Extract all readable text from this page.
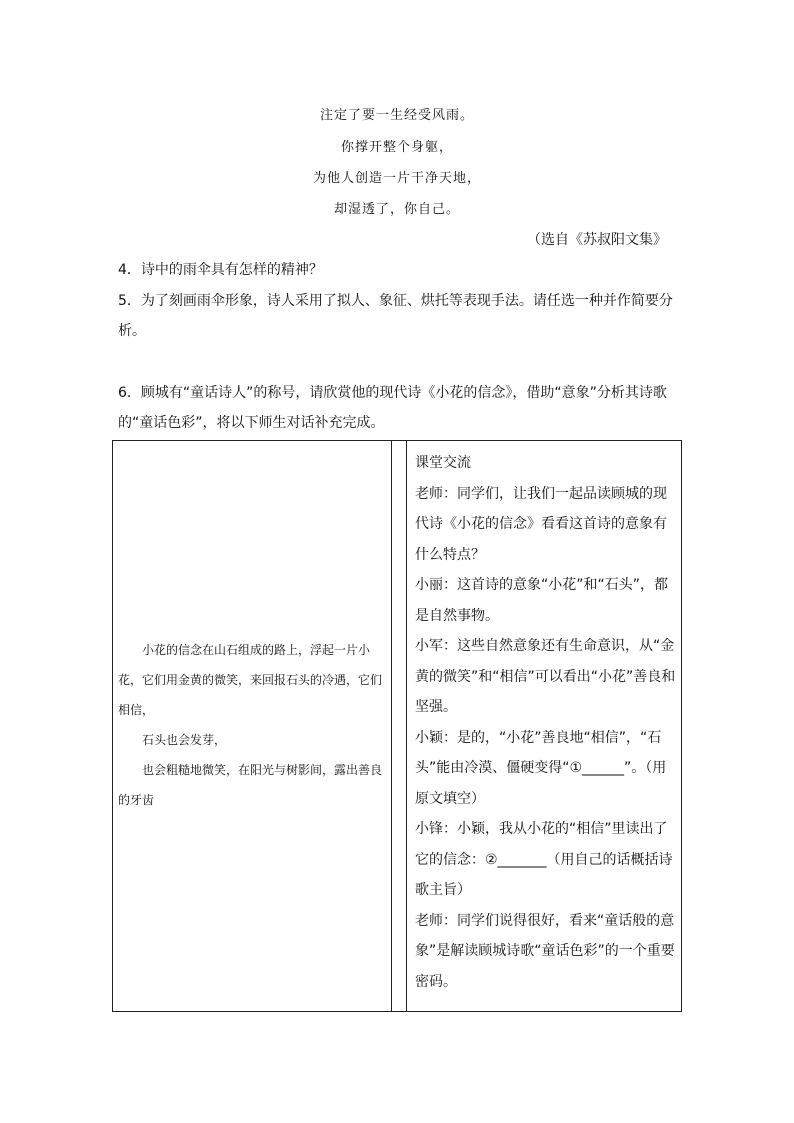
注定了要一生经受风雨。
你撑开整个身躯，
为他人创造一片干净天地，
却湿透了，你自己。
（选自《苏叔阳文集》
4．诗中的雨伞具有怎样的精神？
5．为了刻画雨伞形象，诗人采用了拟人、象征、烘托等表现手法。请任选一种并作简要分析。
6．顾城有“童话诗人”的称号，请欣赏他的现代诗《小花的信念》，借助“意象”分析其诗歌的“童话色彩”，将以下师生对话补充完成。

小花的信念在山石组成的路上，浮起一片小花，它们用金黄的微笑，来回报石头的冷遇，它们相信，

石头也会发芽，

也会粗糙地微笑，在阳光与树影间，露出善良的牙齿

课堂交流

老师：同学们，让我们一起品读顾城的现代诗《小花的信念》看看这首诗的意象有什么特点？

小丽：这首诗的意象“小花”和“石头”，都是自然事物。

小军：这些自然意象还有生命意识，从“金黄的微笑”和“相信”可以看出“小花”善良和坚强。

小颖：是的，“小花”善良地“相信”，“石头”能由冷漠、僵硬变得“①______”。（用原文填空）

小锋：小颖，我从小花的“相信”里读出了它的信念：②_______（用自己的话概括诗歌主旨）

老师：同学们说得很好，看来“童话般的意象”是解读顾城诗歌“童话色彩”的一个重要密码。
